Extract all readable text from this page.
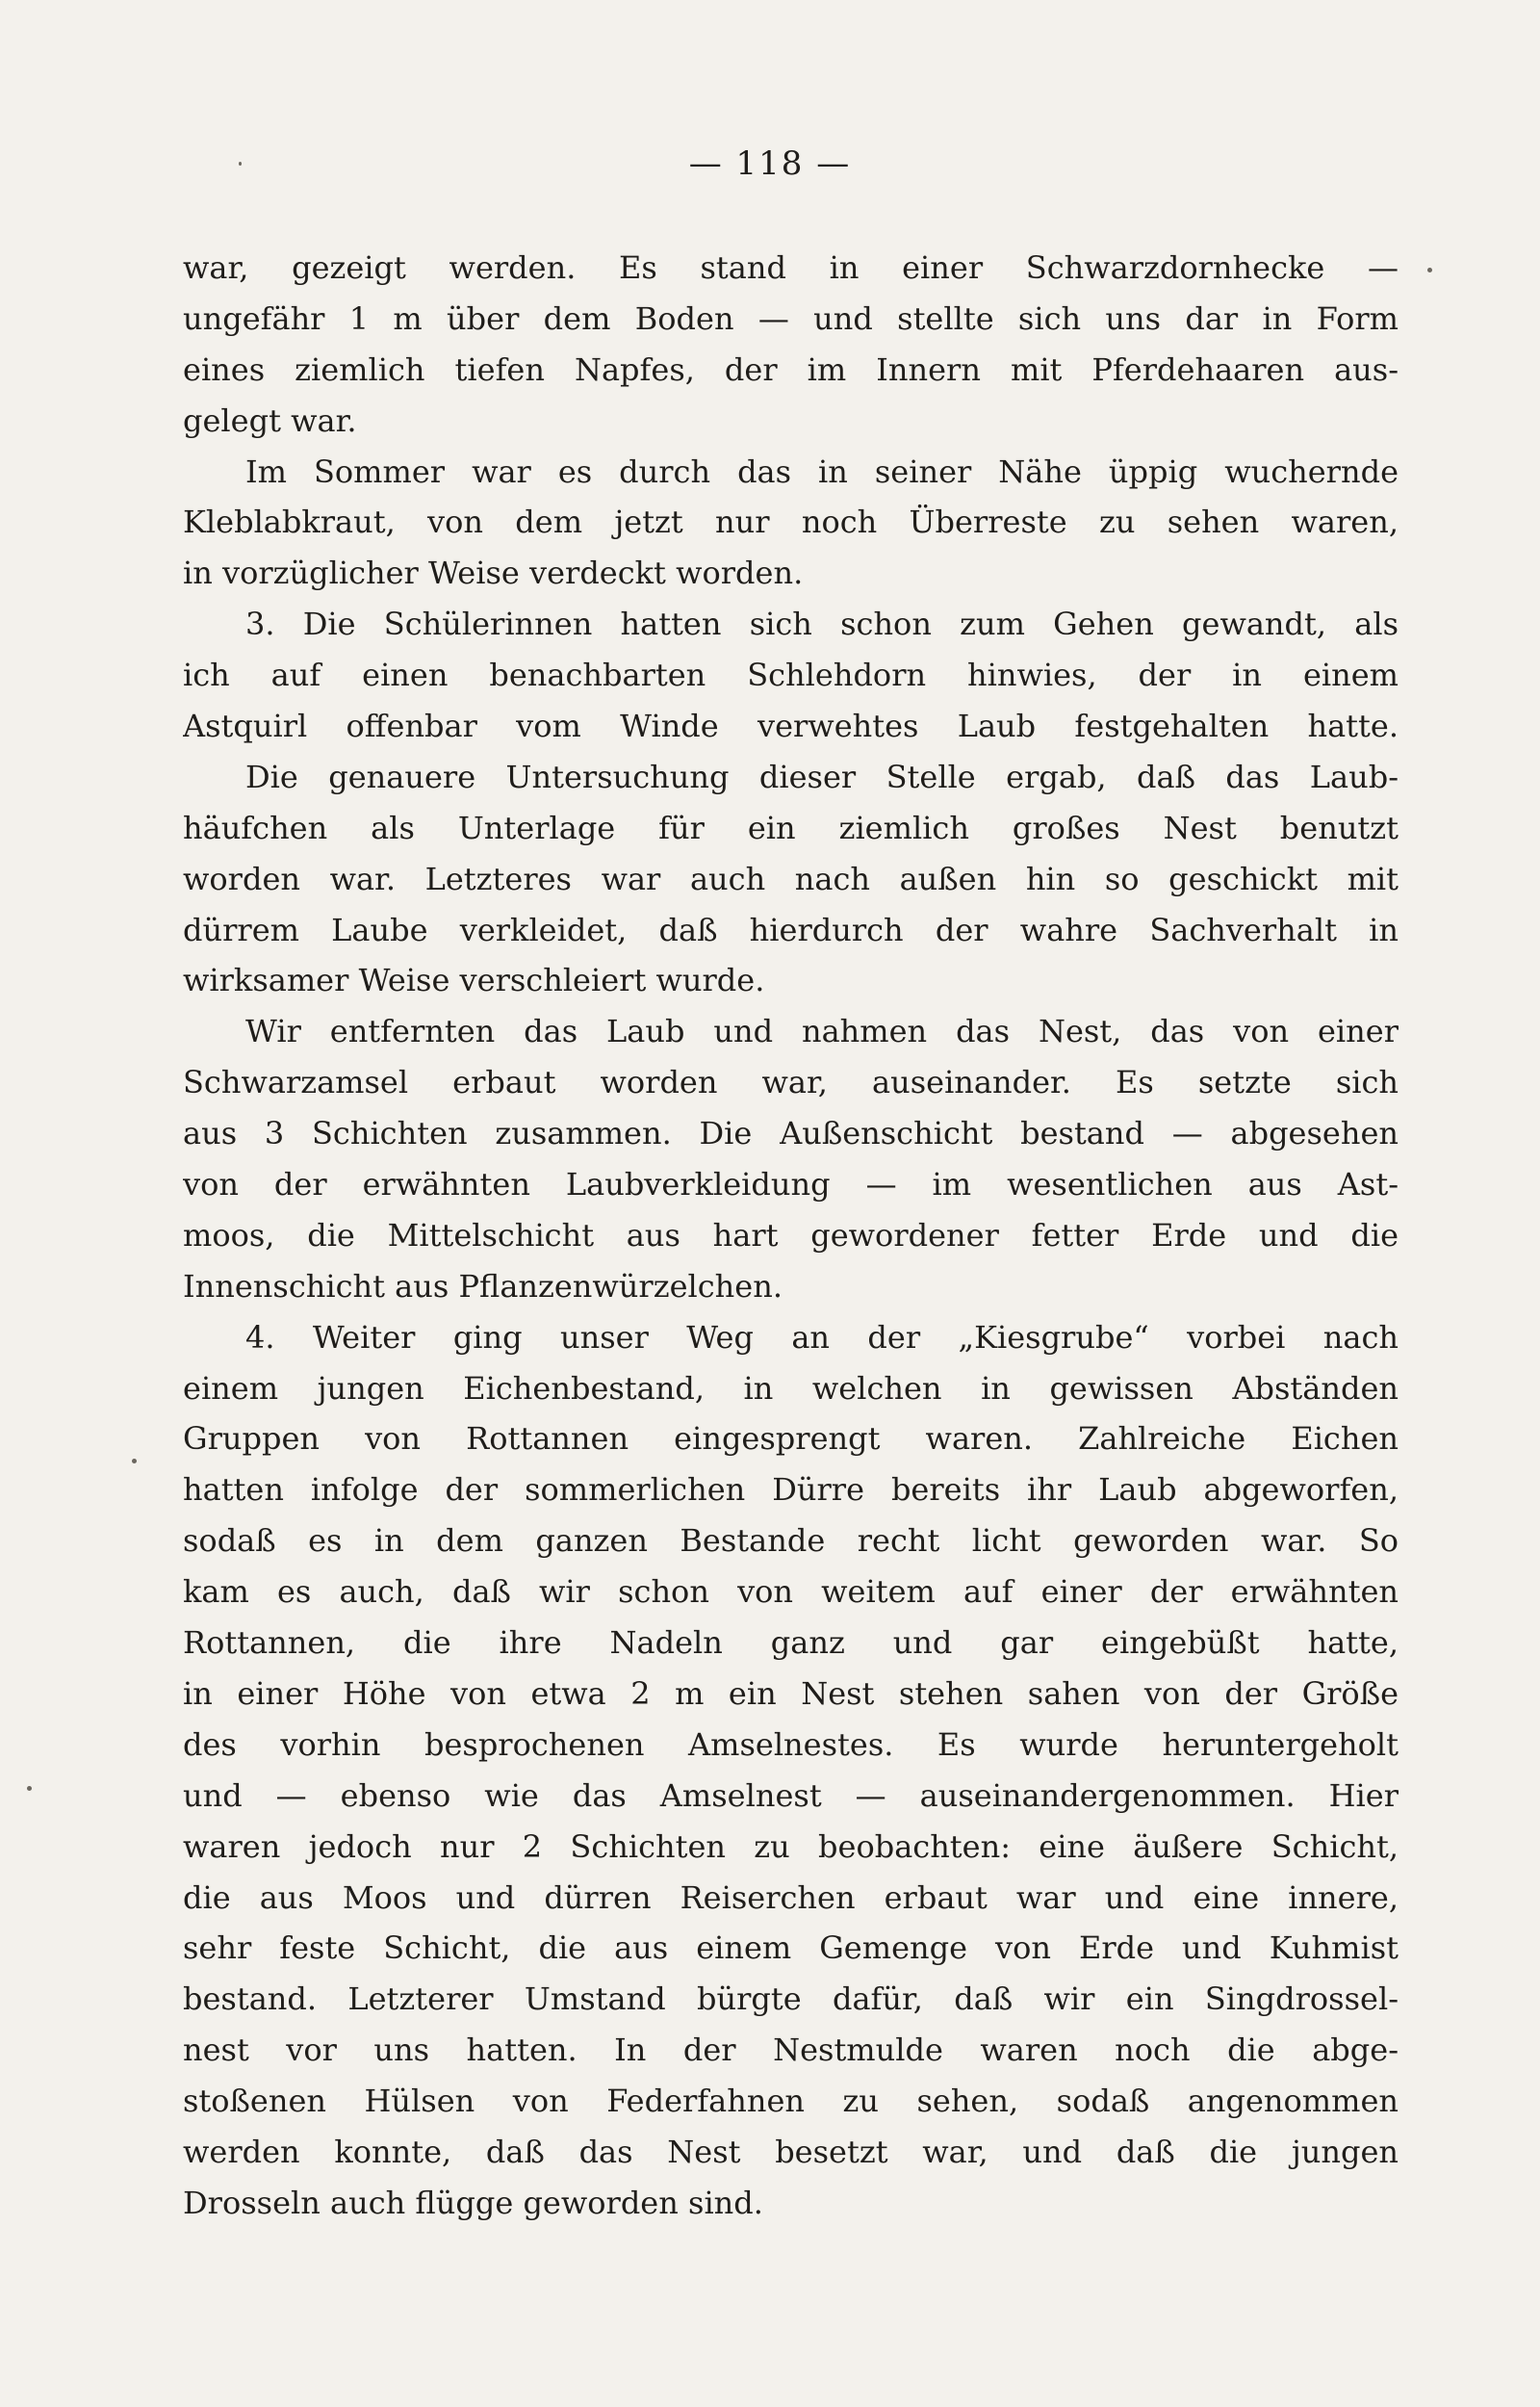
— 118 —
war, gezeigt werden. Es stand in einer Schwarzdornhecke —
ungefähr 1 m über dem Boden — und stellte sich uns dar in Form
eines ziemlich tiefen Napfes, der im Innern mit Pferdehaaren aus-
gelegt war.
Im Sommer war es durch das in seiner Nähe üppig wuchernde
Kleblabkraut, von dem jetzt nur noch Überreste zu sehen waren,
in vorzüglicher Weise verdeckt worden.
3. Die Schülerinnen hatten sich schon zum Gehen gewandt, als
ich auf einen benachbarten Schlehdorn hinwies, der in einem
Astquirl offenbar vom Winde verwehtes Laub festgehalten hatte.
Die genauere Untersuchung dieser Stelle ergab, daß das Laub-
häufchen als Unterlage für ein ziemlich großes Nest benutzt
worden war. Letzteres war auch nach außen hin so geschickt mit
dürrem Laube verkleidet, daß hierdurch der wahre Sachverhalt in
wirksamer Weise verschleiert wurde.
Wir entfernten das Laub und nahmen das Nest, das von einer
Schwarzamsel erbaut worden war, auseinander. Es setzte sich
aus 3 Schichten zusammen. Die Außenschicht bestand — abgesehen
von der erwähnten Laubverkleidung — im wesentlichen aus Ast-
moos, die Mittelschicht aus hart gewordener fetter Erde und die
Innenschicht aus Pflanzenwürzelchen.
4. Weiter ging unser Weg an der „Kiesgrube“ vorbei nach
einem jungen Eichenbestand, in welchen in gewissen Abständen
Gruppen von Rottannen eingesprengt waren. Zahlreiche Eichen
hatten infolge der sommerlichen Dürre bereits ihr Laub abgeworfen,
sodaß es in dem ganzen Bestande recht licht geworden war. So
kam es auch, daß wir schon von weitem auf einer der erwähnten
Rottannen, die ihre Nadeln ganz und gar eingebüßt hatte,
in einer Höhe von etwa 2 m ein Nest stehen sahen von der Größe
des vorhin besprochenen Amselnestes. Es wurde heruntergeholt
und — ebenso wie das Amselnest — auseinandergenommen. Hier
waren jedoch nur 2 Schichten zu beobachten: eine äußere Schicht,
die aus Moos und dürren Reiserchen erbaut war und eine innere,
sehr feste Schicht, die aus einem Gemenge von Erde und Kuhmist
bestand. Letzterer Umstand bürgte dafür, daß wir ein Singdrossel-
nest vor uns hatten. In der Nestmulde waren noch die abge-
stoßenen Hülsen von Federfahnen zu sehen, sodaß angenommen
werden konnte, daß das Nest besetzt war, und daß die jungen
Drosseln auch flügge geworden sind.
